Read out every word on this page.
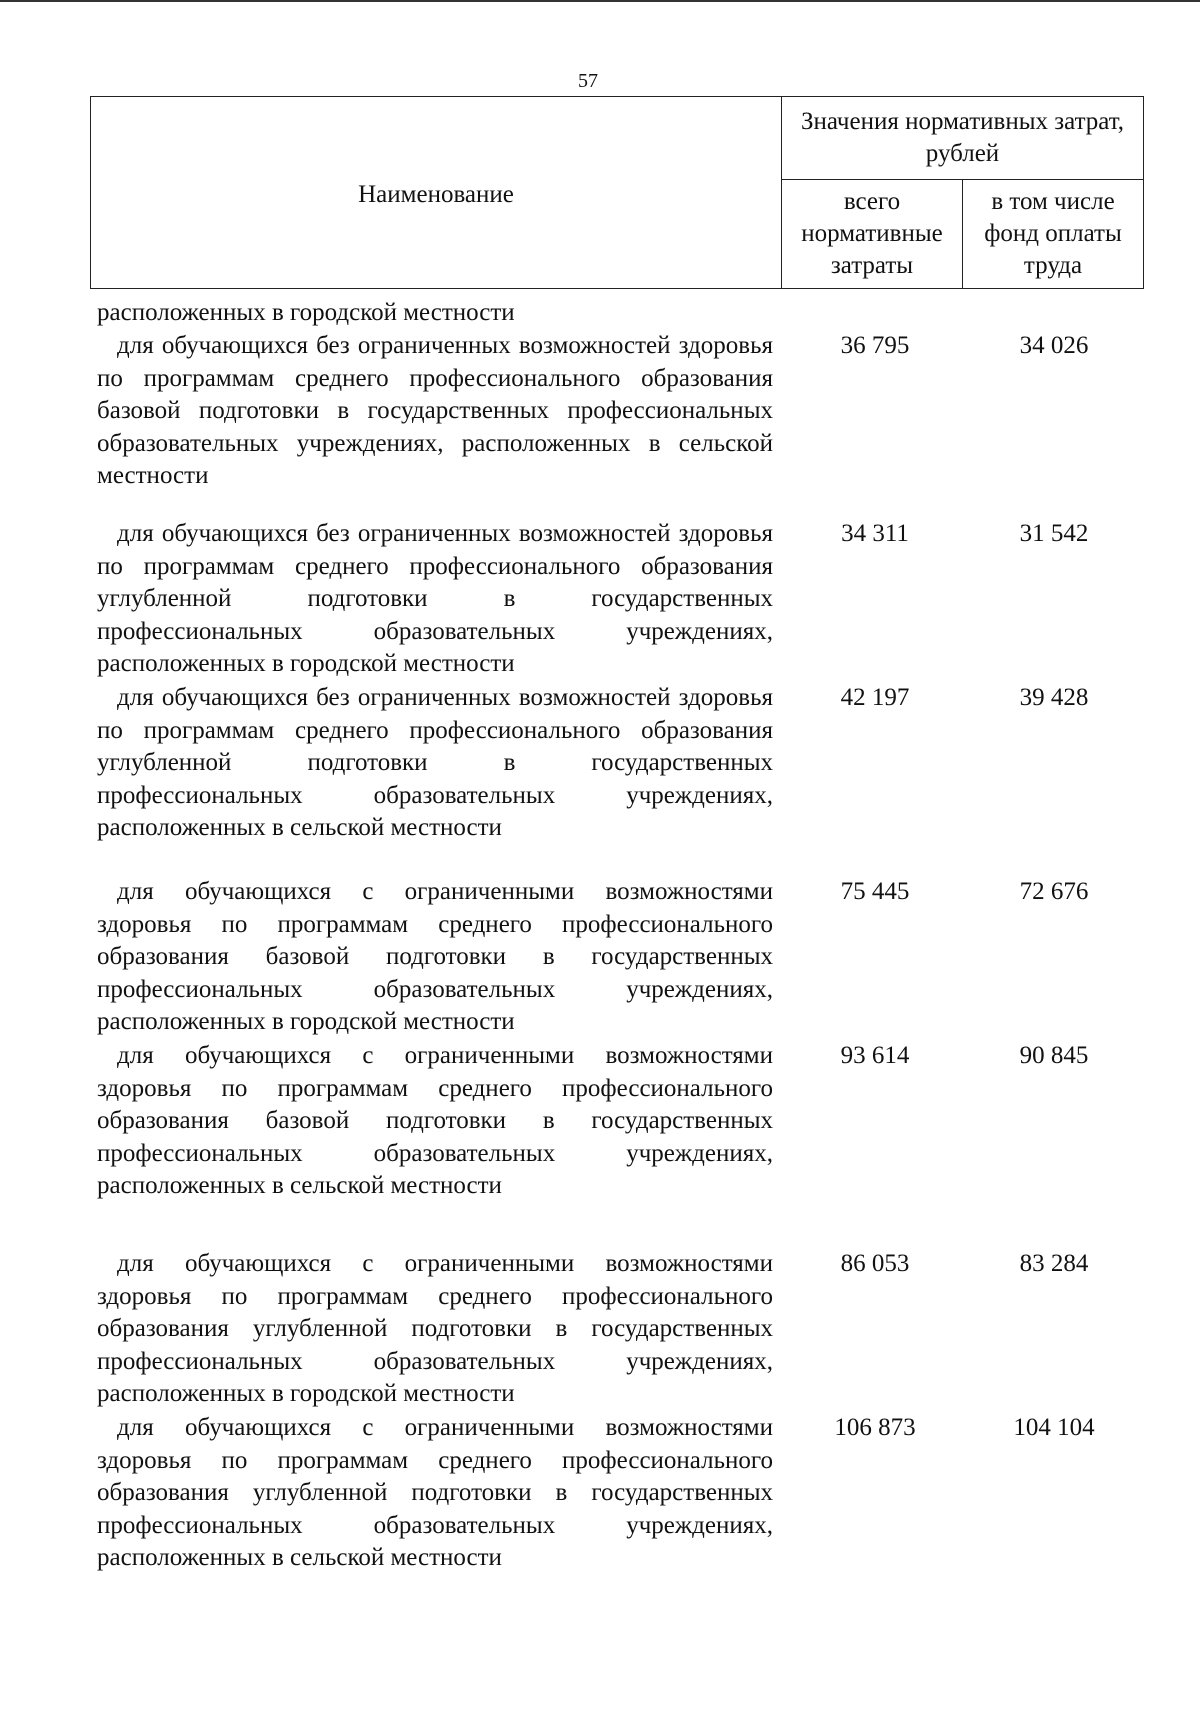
57
Наименование	Значения нормативных затрат, рублей	
	всего нормативные затраты	в том числе фонд оплаты труда
расположенных в городской местности
для обучающихся без ограниченных возможностей здоровья по программам среднего профессионального образования базовой подготовки в государственных профессиональных образовательных учреждениях, расположенных в сельской местности
36 795	34 026
для обучающихся без ограниченных возможностей здоровья по программам среднего профессионального образования углубленной подготовки в государственных профессиональных образовательных учреждениях, расположенных в городской местности
34 311	31 542
для обучающихся без ограниченных возможностей здоровья по программам среднего профессионального образования углубленной подготовки в государственных профессиональных образовательных учреждениях, расположенных в сельской местности
42 197	39 428
для обучающихся с ограниченными возможностями здоровья по программам среднего профессионального образования базовой подготовки в государственных профессиональных образовательных учреждениях, расположенных в городской местности
75 445	72 676
для обучающихся с ограниченными возможностями здоровья по программам среднего профессионального образования базовой подготовки в государственных профессиональных образовательных учреждениях, расположенных в сельской местности
93 614	90 845
для обучающихся с ограниченными возможностями здоровья по программам среднего профессионального образования углубленной подготовки в государственных профессиональных образовательных учреждениях, расположенных в городской местности
86 053	83 284
для обучающихся с ограниченными возможностями здоровья по программам среднего профессионального образования углубленной подготовки в государственных профессиональных образовательных учреждениях, расположенных в сельской местности
106 873	104 104
